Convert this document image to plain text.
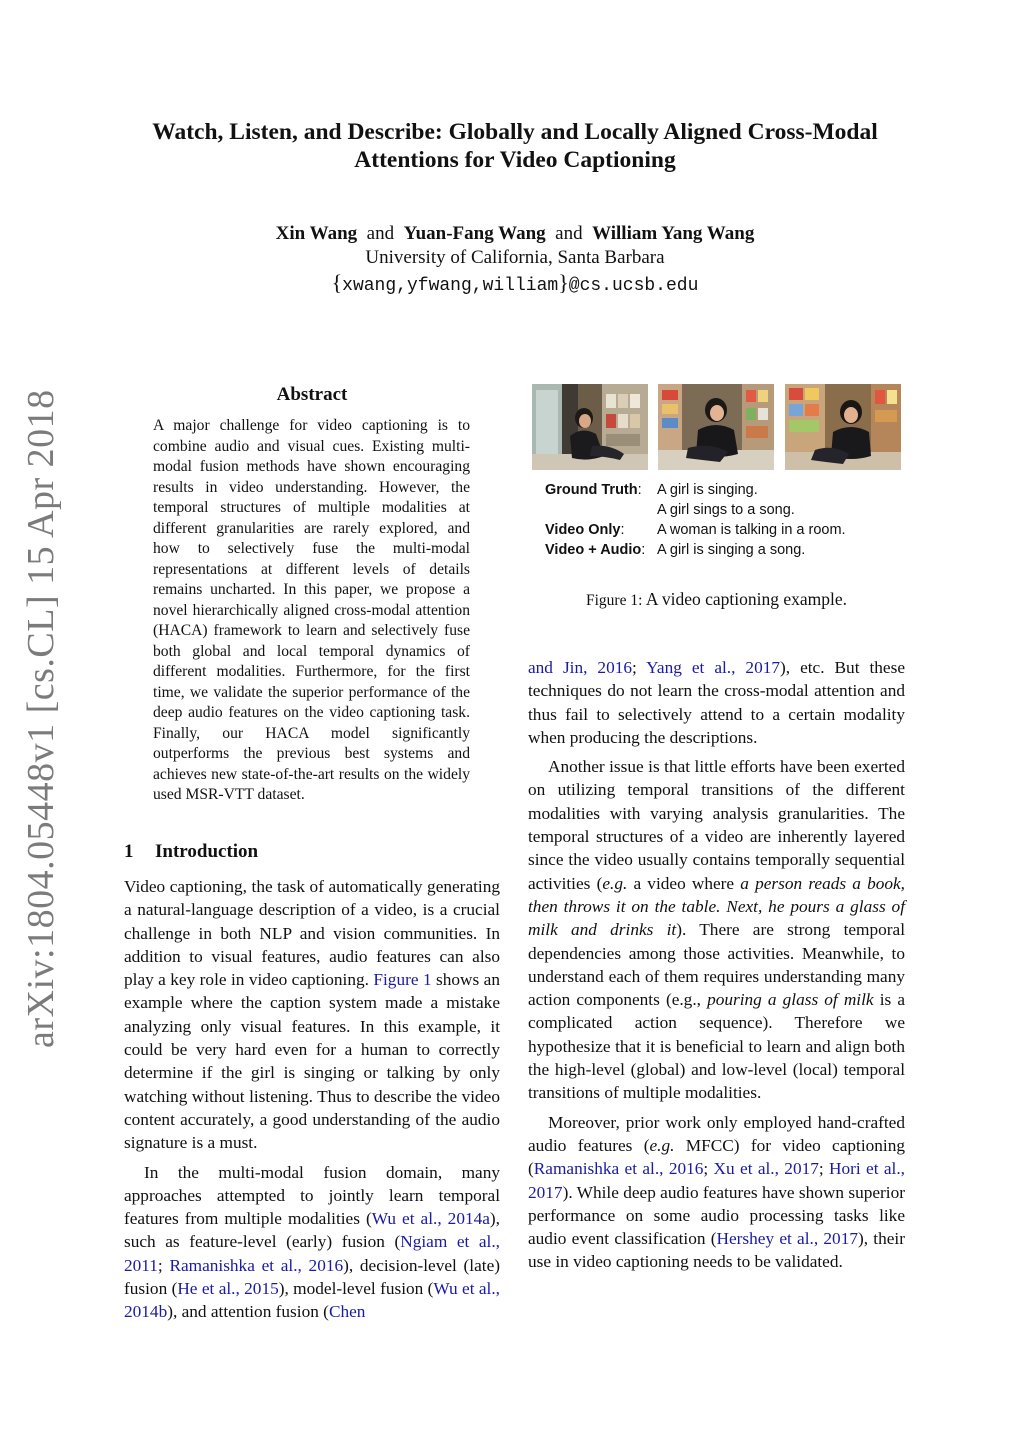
Watch, Listen, and Describe: Globally and Locally Aligned Cross-Modal
Attentions for Video Captioning
Xin Wang and Yuan-Fang Wang and William Yang Wang
University of California, Santa Barbara
{xwang,yfwang,william}@cs.ucsb.edu
arXiv:1804.05448v1 [cs.CL] 15 Apr 2018	Abstract
A major challenge for video captioning is to combine audio and visual cues. Existing multi-modal fusion methods have shown encouraging results in video understanding. However, the temporal structures of multiple modalities at different granularities are rarely explored, and how to selectively fuse the multi-modal representations at different levels of details remains uncharted. In this paper, we propose a novel hierarchically aligned cross-modal attention (HACA) framework to learn and selectively fuse both global and local temporal dynamics of different modalities. Furthermore, for the first time, we validate the superior performance of the deep audio features on the video captioning task. Finally, our HACA model significantly outperforms the previous best systems and achieves new state-of-the-art results on the widely used MSR-VTT dataset.
1 Introduction

Video captioning, the task of automatically generating a natural-language description of a video, is a crucial challenge in both NLP and vision communities. In addition to visual features, audio features can also play a key role in video captioning. Figure 1 shows an example where the caption system made a mistake analyzing only visual features. In this example, it could be very hard even for a human to correctly determine if the girl is singing or talking by only watching without listening. Thus to describe the video content accurately, a good understanding of the audio signature is a must.

In the multi-modal fusion domain, many approaches attempted to jointly learn temporal features from multiple modalities (Wu et al., 2014a), such as feature-level (early) fusion (Ngiam et al., 2011; Ramanishka et al., 2016), decision-level (late) fusion (He et al., 2015), model-level fusion (Wu et al., 2014b), and attention fusion (Chen

Ground Truth: A girl is singing.
A girl sings to a song.
Video Only: A woman is talking in a room.
Video + Audio: A girl is singing a song.
Figure 1: A video captioning example.

and Jin, 2016; Yang et al., 2017), etc. But these techniques do not learn the cross-modal attention and thus fail to selectively attend to a certain modality when producing the descriptions.

Another issue is that little efforts have been exerted on utilizing temporal transitions of the different modalities with varying analysis granularities. The temporal structures of a video are inherently layered since the video usually contains temporally sequential activities (e.g. a video where a person reads a book, then throws it on the table. Next, he pours a glass of milk and drinks it). There are strong temporal dependencies among those activities. Meanwhile, to understand each of them requires understanding many action components (e.g., pouring a glass of milk is a complicated action sequence). Therefore we hypothesize that it is beneficial to learn and align both the high-level (global) and low-level (local) temporal transitions of multiple modalities.

Moreover, prior work only employed hand-crafted audio features (e.g. MFCC) for video captioning (Ramanishka et al., 2016; Xu et al., 2017; Hori et al., 2017). While deep audio features have shown superior performance on some audio processing tasks like audio event classification (Hershey et al., 2017), their use in video captioning needs to be validated.
